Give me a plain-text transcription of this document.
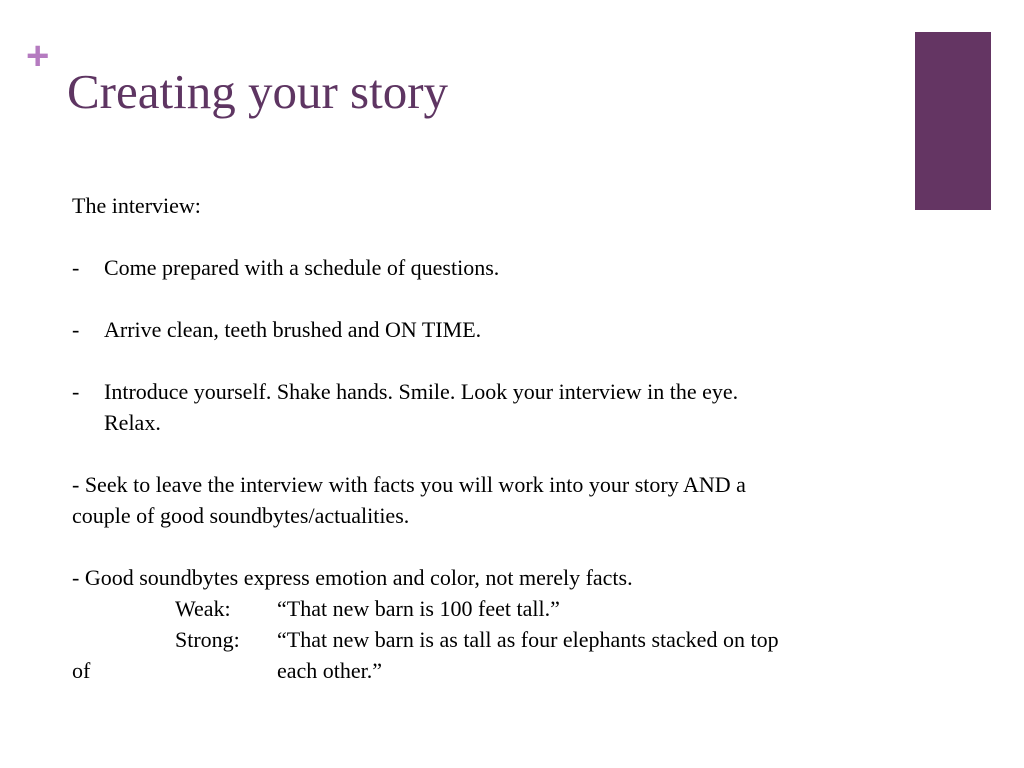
+
Creating your story
The interview:
- Come prepared with a schedule of questions.
- Arrive clean, teeth brushed and ON TIME.
- Introduce yourself. Shake hands. Smile. Look your interview in the eye.
Relax.
- Seek to leave the interview with facts you will work into your story AND a
couple of good soundbytes/actualities.
- Good soundbytes express emotion and color, not merely facts.
Weak: “That new barn is 100 feet tall.”
Strong: “That new barn is as tall as four elephants stacked on top
of	each other.”
